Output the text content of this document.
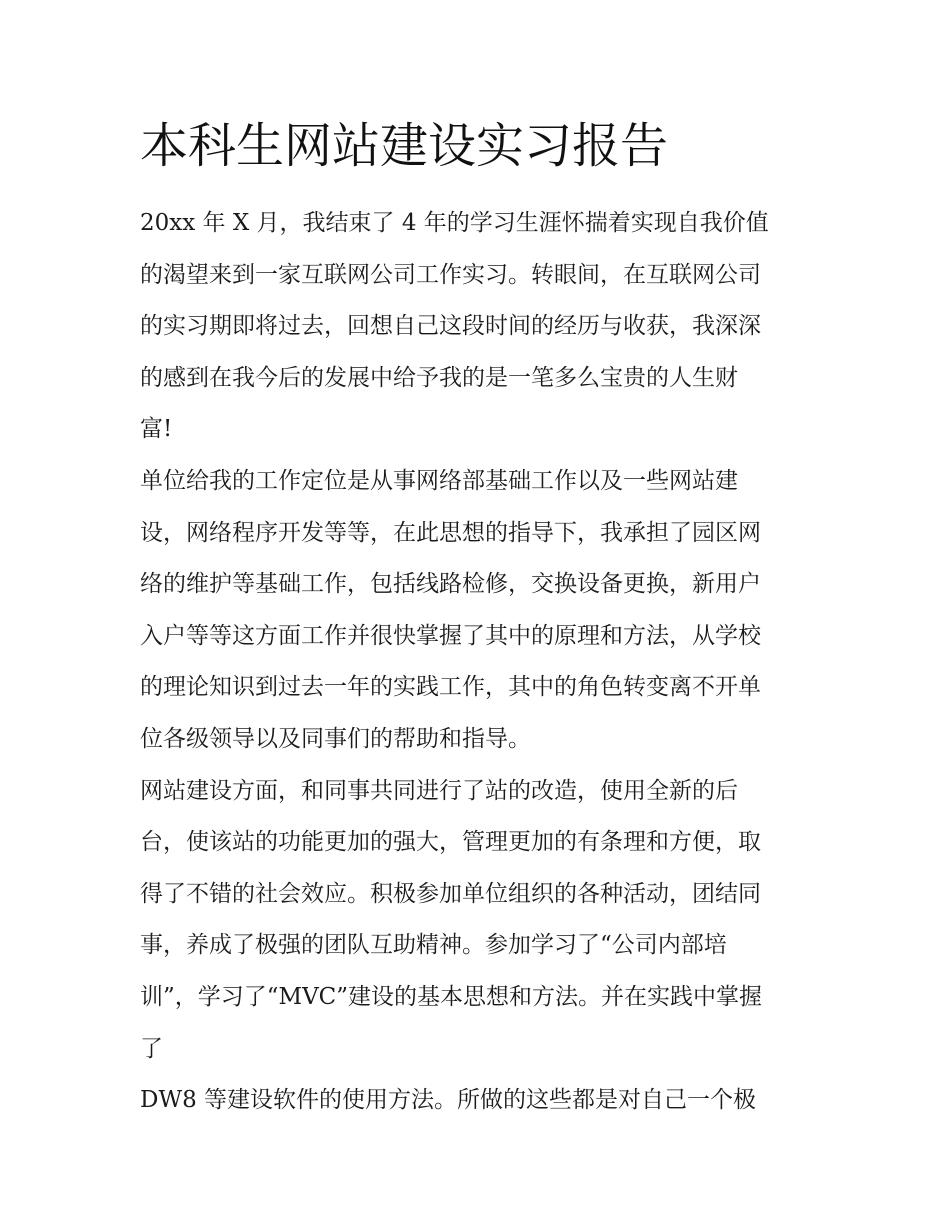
本科生网站建设实习报告
20xx 年 X 月，我结束了 4 年的学习生涯怀揣着实现自我价值
的渴望来到一家互联网公司工作实习。转眼间，在互联网公司
的实习期即将过去，回想自己这段时间的经历与收获，我深深
的感到在我今后的发展中给予我的是一笔多么宝贵的人生财
富!
单位给我的工作定位是从事网络部基础工作以及一些网站建
设，网络程序开发等等，在此思想的指导下，我承担了园区网
络的维护等基础工作，包括线路检修，交换设备更换，新用户
入户等等这方面工作并很快掌握了其中的原理和方法，从学校
的理论知识到过去一年的实践工作，其中的角色转变离不开单
位各级领导以及同事们的帮助和指导。
网站建设方面，和同事共同进行了站的改造，使用全新的后
台，使该站的功能更加的强大，管理更加的有条理和方便，取
得了不错的社会效应。积极参加单位组织的各种活动，团结同
事，养成了极强的团队互助精神。参加学习了“公司内部培
训”，学习了“MVC”建设的基本思想和方法。并在实践中掌握
了
DW8 等建设软件的使用方法。所做的这些都是对自己一个极
